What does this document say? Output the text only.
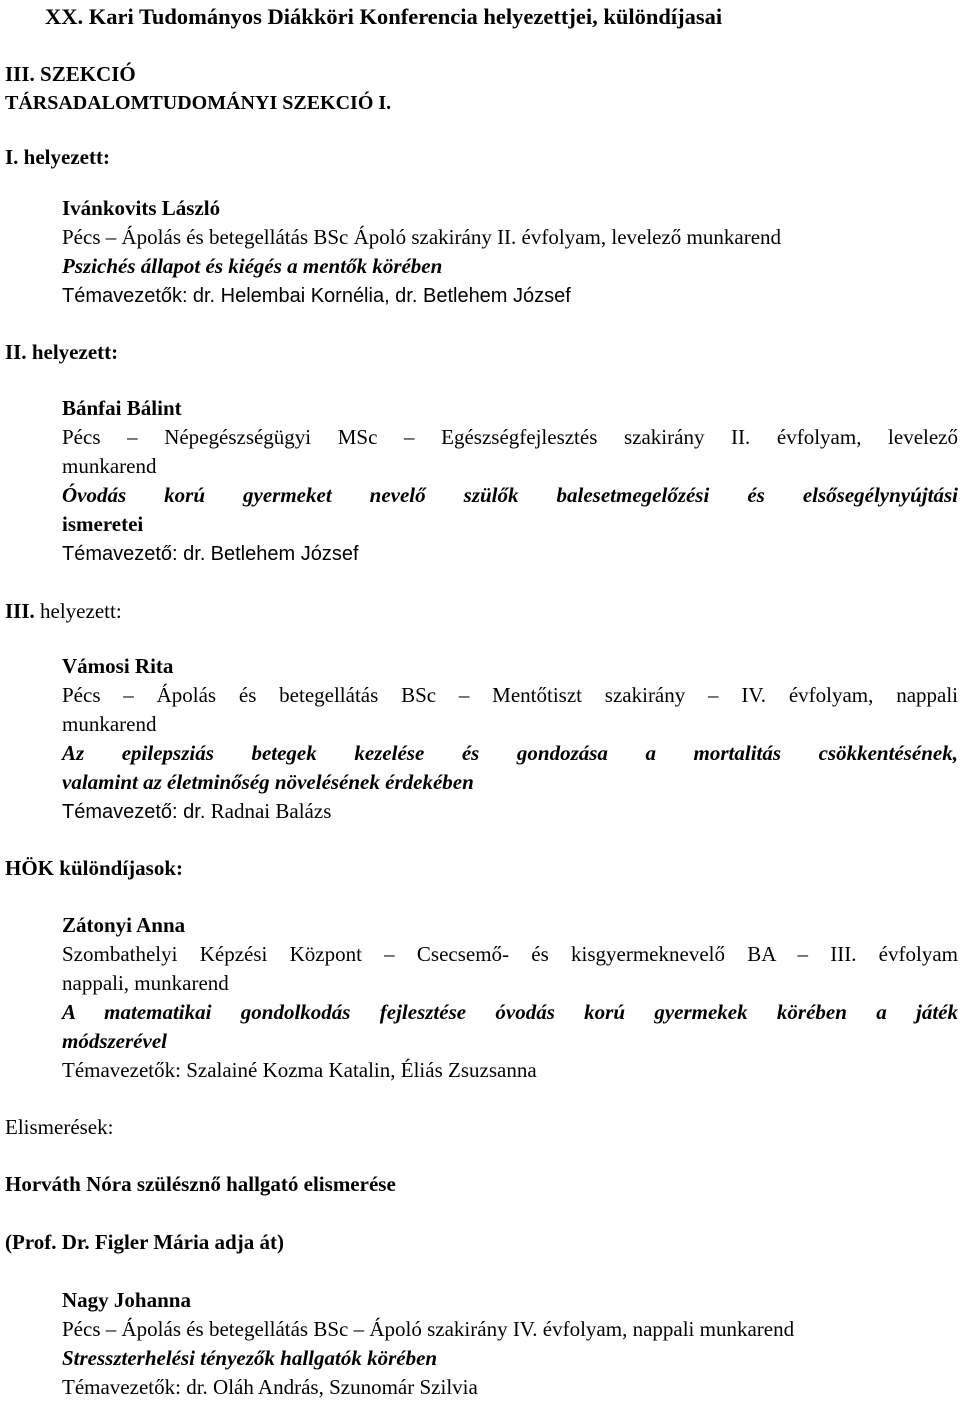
XX. Kari Tudományos Diákköri Konferencia helyezettjei, különdíjasai
III. SZEKCIÓ
TÁRSADALOMTUDOMÁNYI SZEKCIÓ I.
I. helyezett:
Ivánkovits László
Pécs – Ápolás és betegellátás BSc Ápoló szakirány II. évfolyam, levelező munkarend
Pszichés állapot és kiégés a mentők körében
Témavezetők: dr. Helembai Kornélia, dr. Betlehem József
II. helyezett:
Bánfai Bálint
Pécs – Népegészségügyi MSc – Egészségfejlesztés szakirány II. évfolyam, levelező
munkarend
Óvodás korú gyermeket nevelő szülők balesetmegelőzési és elsősegélynyújtási
ismeretei
Témavezető: dr. Betlehem József
III. helyezett:
Vámosi Rita
Pécs – Ápolás és betegellátás BSc – Mentőtiszt szakirány – IV. évfolyam, nappali
munkarend
Az epilepsziás betegek kezelése és gondozása a mortalitás csökkentésének,
valamint az életminőség növelésének érdekében
Témavezető: dr. Radnai Balázs
HÖK különdíjasok:
Zátonyi Anna
Szombathelyi Képzési Központ – Csecsemő- és kisgyermeknevelő BA – III. évfolyam
nappali, munkarend
A matematikai gondolkodás fejlesztése óvodás korú gyermekek körében a játék
módszerével
Témavezetők: Szalainé Kozma Katalin, Éliás Zsuzsanna
Elismerések:
Horváth Nóra szülésznő hallgató elismerése
(Prof. Dr. Figler Mária adja át)
Nagy Johanna
Pécs – Ápolás és betegellátás BSc – Ápoló szakirány IV. évfolyam, nappali munkarend
Stresszterhelési tényezők hallgatók körében
Témavezetők: dr. Oláh András, Szunomár Szilvia
